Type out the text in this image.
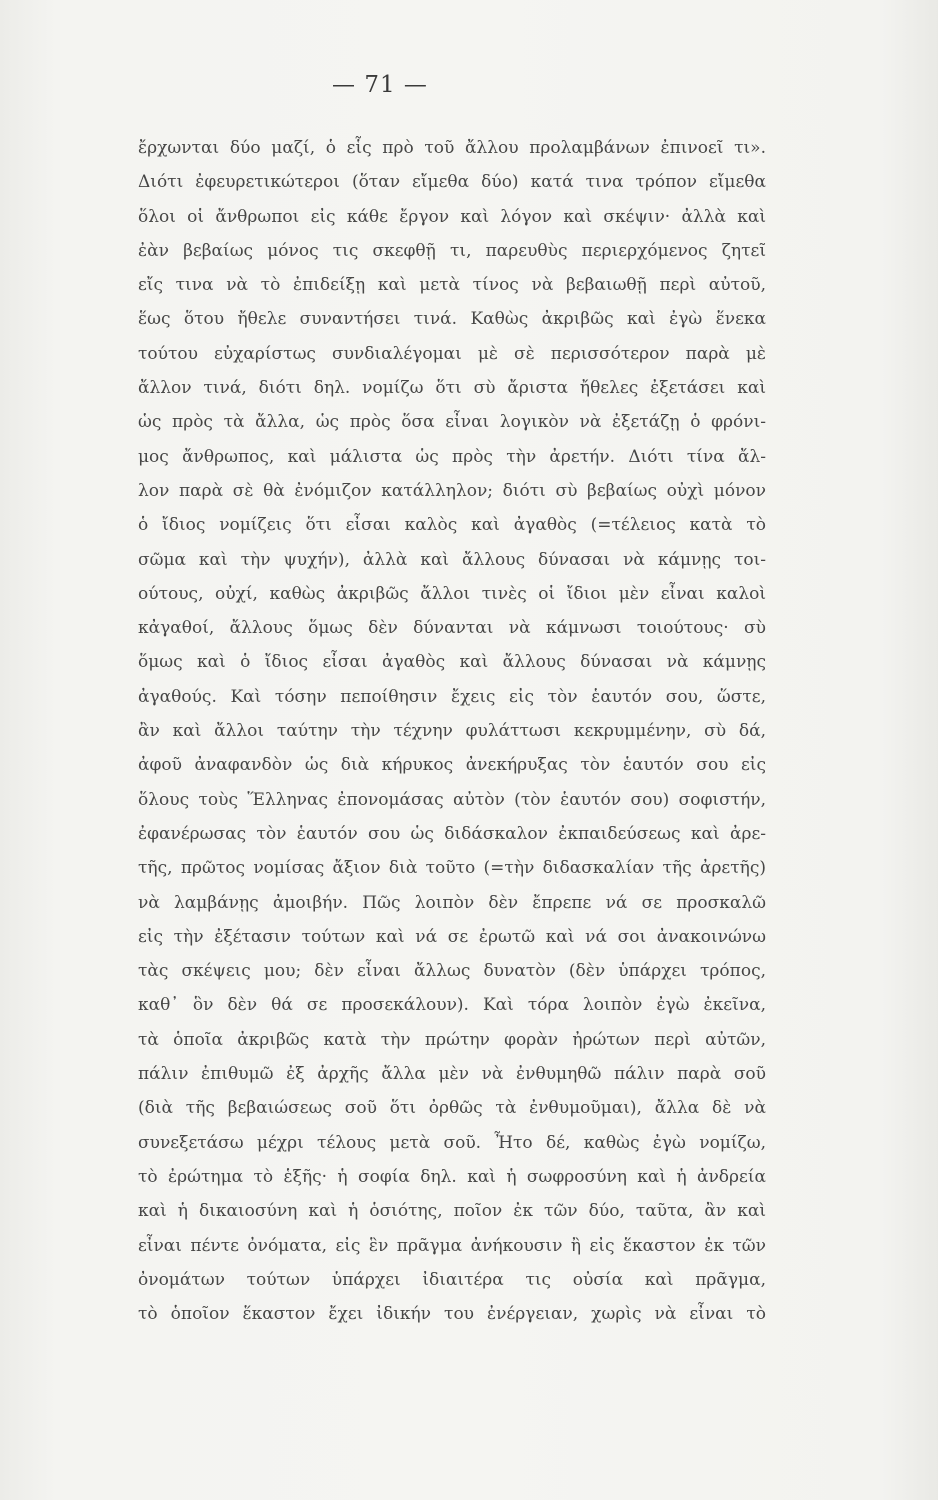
— 71 —
ἔρχωνται δύο μαζί, ὁ εἷς πρὸ τοῦ ἄλλου προλαμβάνων ἐπινοεῖ τι».
Διότι ἐφευρετικώτεροι (ὅταν εἴμεθα δύο) κατά τινα τρόπον εἴμεθα
ὅλοι οἱ ἄνθρωποι εἰς κάθε ἔργον καὶ λόγον καὶ σκέψιν· ἀλλὰ καὶ
ἐὰν βεβαίως μόνος τις σκεφθῇ τι, παρευθὺς περιερχόμενος ζητεῖ
εἴς τινα νὰ τὸ ἐπιδείξῃ καὶ μετὰ τίνος νὰ βεβαιωθῇ περὶ αὐτοῦ,
ἕως ὅτου ἤθελε συναντήσει τινά. Καθὼς ἀκριβῶς καὶ ἐγὼ ἕνεκα
τούτου εὐχαρίστως συνδιαλέγομαι μὲ σὲ περισσότερον παρὰ μὲ
ἄλλον τινά, διότι δηλ. νομίζω ὅτι σὺ ἄριστα ἤθελες ἐξετάσει καὶ
ὡς πρὸς τὰ ἄλλα, ὡς πρὸς ὅσα εἶναι λογικὸν νὰ ἐξετάζῃ ὁ φρόνι-
μος ἄνθρωπος, καὶ μάλιστα ὡς πρὸς τὴν ἀρετήν. Διότι τίνα ἄλ-
λον παρὰ σὲ θὰ ἐνόμιζον κατάλληλον; διότι σὺ βεβαίως οὐχὶ μόνον
ὁ ἴδιος νομίζεις ὅτι εἶσαι καλὸς καὶ ἀγαθὸς (=τέλειος κατὰ τὸ
σῶμα καὶ τὴν ψυχήν), ἀλλὰ καὶ ἄλλους δύνασαι νὰ κάμνῃς τοι-
ούτους, οὐχί, καθὼς ἀκριβῶς ἄλλοι τινὲς οἱ ἴδιοι μὲν εἶναι καλοὶ
κἀγαθοί, ἄλλους ὅμως δὲν δύνανται νὰ κάμνωσι τοιούτους· σὺ
ὅμως καὶ ὁ ἴδιος εἶσαι ἀγαθὸς καὶ ἄλλους δύνασαι νὰ κάμνῃς
ἀγαθούς. Καὶ τόσην πεποίθησιν ἔχεις εἰς τὸν ἑαυτόν σου, ὥστε,
ἂν καὶ ἄλλοι ταύτην τὴν τέχνην φυλάττωσι κεκρυμμένην, σὺ δά,
ἀφοῦ ἀναφανδὸν ὡς διὰ κήρυκος ἀνεκήρυξας τὸν ἑαυτόν σου εἰς
ὅλους τοὺς Ἕλληνας ἐπονομάσας αὐτὸν (τὸν ἑαυτόν σου) σοφιστήν,
ἐφανέρωσας τὸν ἑαυτόν σου ὡς διδάσκαλον ἐκπαιδεύσεως καὶ ἀρε-
τῆς, πρῶτος νομίσας ἄξιον διὰ τοῦτο (=τὴν διδασκαλίαν τῆς ἀρετῆς)
νὰ λαμβάνῃς ἀμοιβήν. Πῶς λοιπὸν δὲν ἔπρεπε νά σε προσκαλῶ
εἰς τὴν ἐξέτασιν τούτων καὶ νά σε ἐρωτῶ καὶ νά σοι ἀνακοινώνω
τὰς σκέψεις μου; δὲν εἶναι ἄλλως δυνατὸν (δὲν ὑπάρχει τρόπος,
καθ᾽ ὃν δὲν θά σε προσεκάλουν). Καὶ τόρα λοιπὸν ἐγὼ ἐκεῖνα,
τὰ ὁποῖα ἀκριβῶς κατὰ τὴν πρώτην φορὰν ἠρώτων περὶ αὐτῶν,
πάλιν ἐπιθυμῶ ἐξ ἀρχῆς ἄλλα μὲν νὰ ἐνθυμηθῶ πάλιν παρὰ σοῦ
(διὰ τῆς βεβαιώσεως σοῦ ὅτι ὀρθῶς τὰ ἐνθυμοῦμαι), ἄλλα δὲ νὰ
συνεξετάσω μέχρι τέλους μετὰ σοῦ. Ἦτο δέ, καθὼς ἐγὼ νομίζω,
τὸ ἐρώτημα τὸ ἑξῆς· ἡ σοφία δηλ. καὶ ἡ σωφροσύνη καὶ ἡ ἀνδρεία
καὶ ἡ δικαιοσύνη καὶ ἡ ὁσιότης, ποῖον ἐκ τῶν δύο, ταῦτα, ἂν καὶ
εἶναι πέντε ὀνόματα, εἰς ἓν πρᾶγμα ἀνήκουσιν ἢ εἰς ἕκαστον ἐκ τῶν
ὀνομάτων τούτων ὑπάρχει ἰδιαιτέρα τις οὐσία καὶ πρᾶγμα,
τὸ ὁποῖον ἕκαστον ἔχει ἰδικήν του ἐνέργειαν, χωρὶς νὰ εἶναι τὸ
